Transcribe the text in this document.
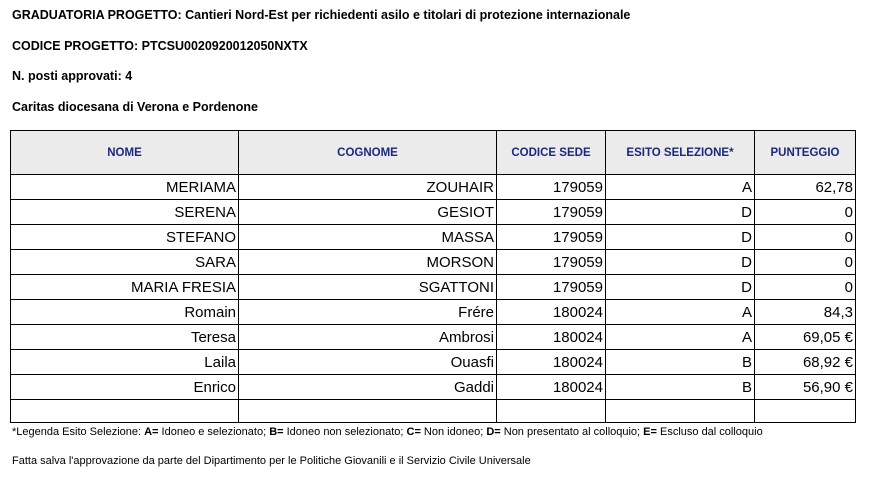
GRADUATORIA PROGETTO: Cantieri Nord-Est per richiedenti asilo e titolari di protezione internazionale
CODICE PROGETTO: PTCSU0020920012050NXTX
N. posti approvati: 4
Caritas diocesana di Verona e Pordenone
NOME	COGNOME	CODICE SEDE	ESITO SELEZIONE*	PUNTEGGIO
MERIAMA	ZOUHAIR	179059	A	62,78
SERENA	GESIOT	179059	D	0
STEFANO	MASSA	179059	D	0
SARA	MORSON	179059	D	0
MARIA FRESIA	SGATTONI	179059	D	0
Romain	Frére	180024	A	84,3
Teresa	Ambrosi	180024	A	69,05 €
Laila	Ouasfi	180024	B	68,92 €
Enrico	Gaddi	180024	B	56,90 €

*Legenda Esito Selezione: A= Idoneo e selezionato; B= Idoneo non selezionato; C= Non idoneo; D= Non presentato al colloquio; E= Escluso dal colloquio
Fatta salva l'approvazione da parte del Dipartimento per le Politiche Giovanili e il Servizio Civile Universale
